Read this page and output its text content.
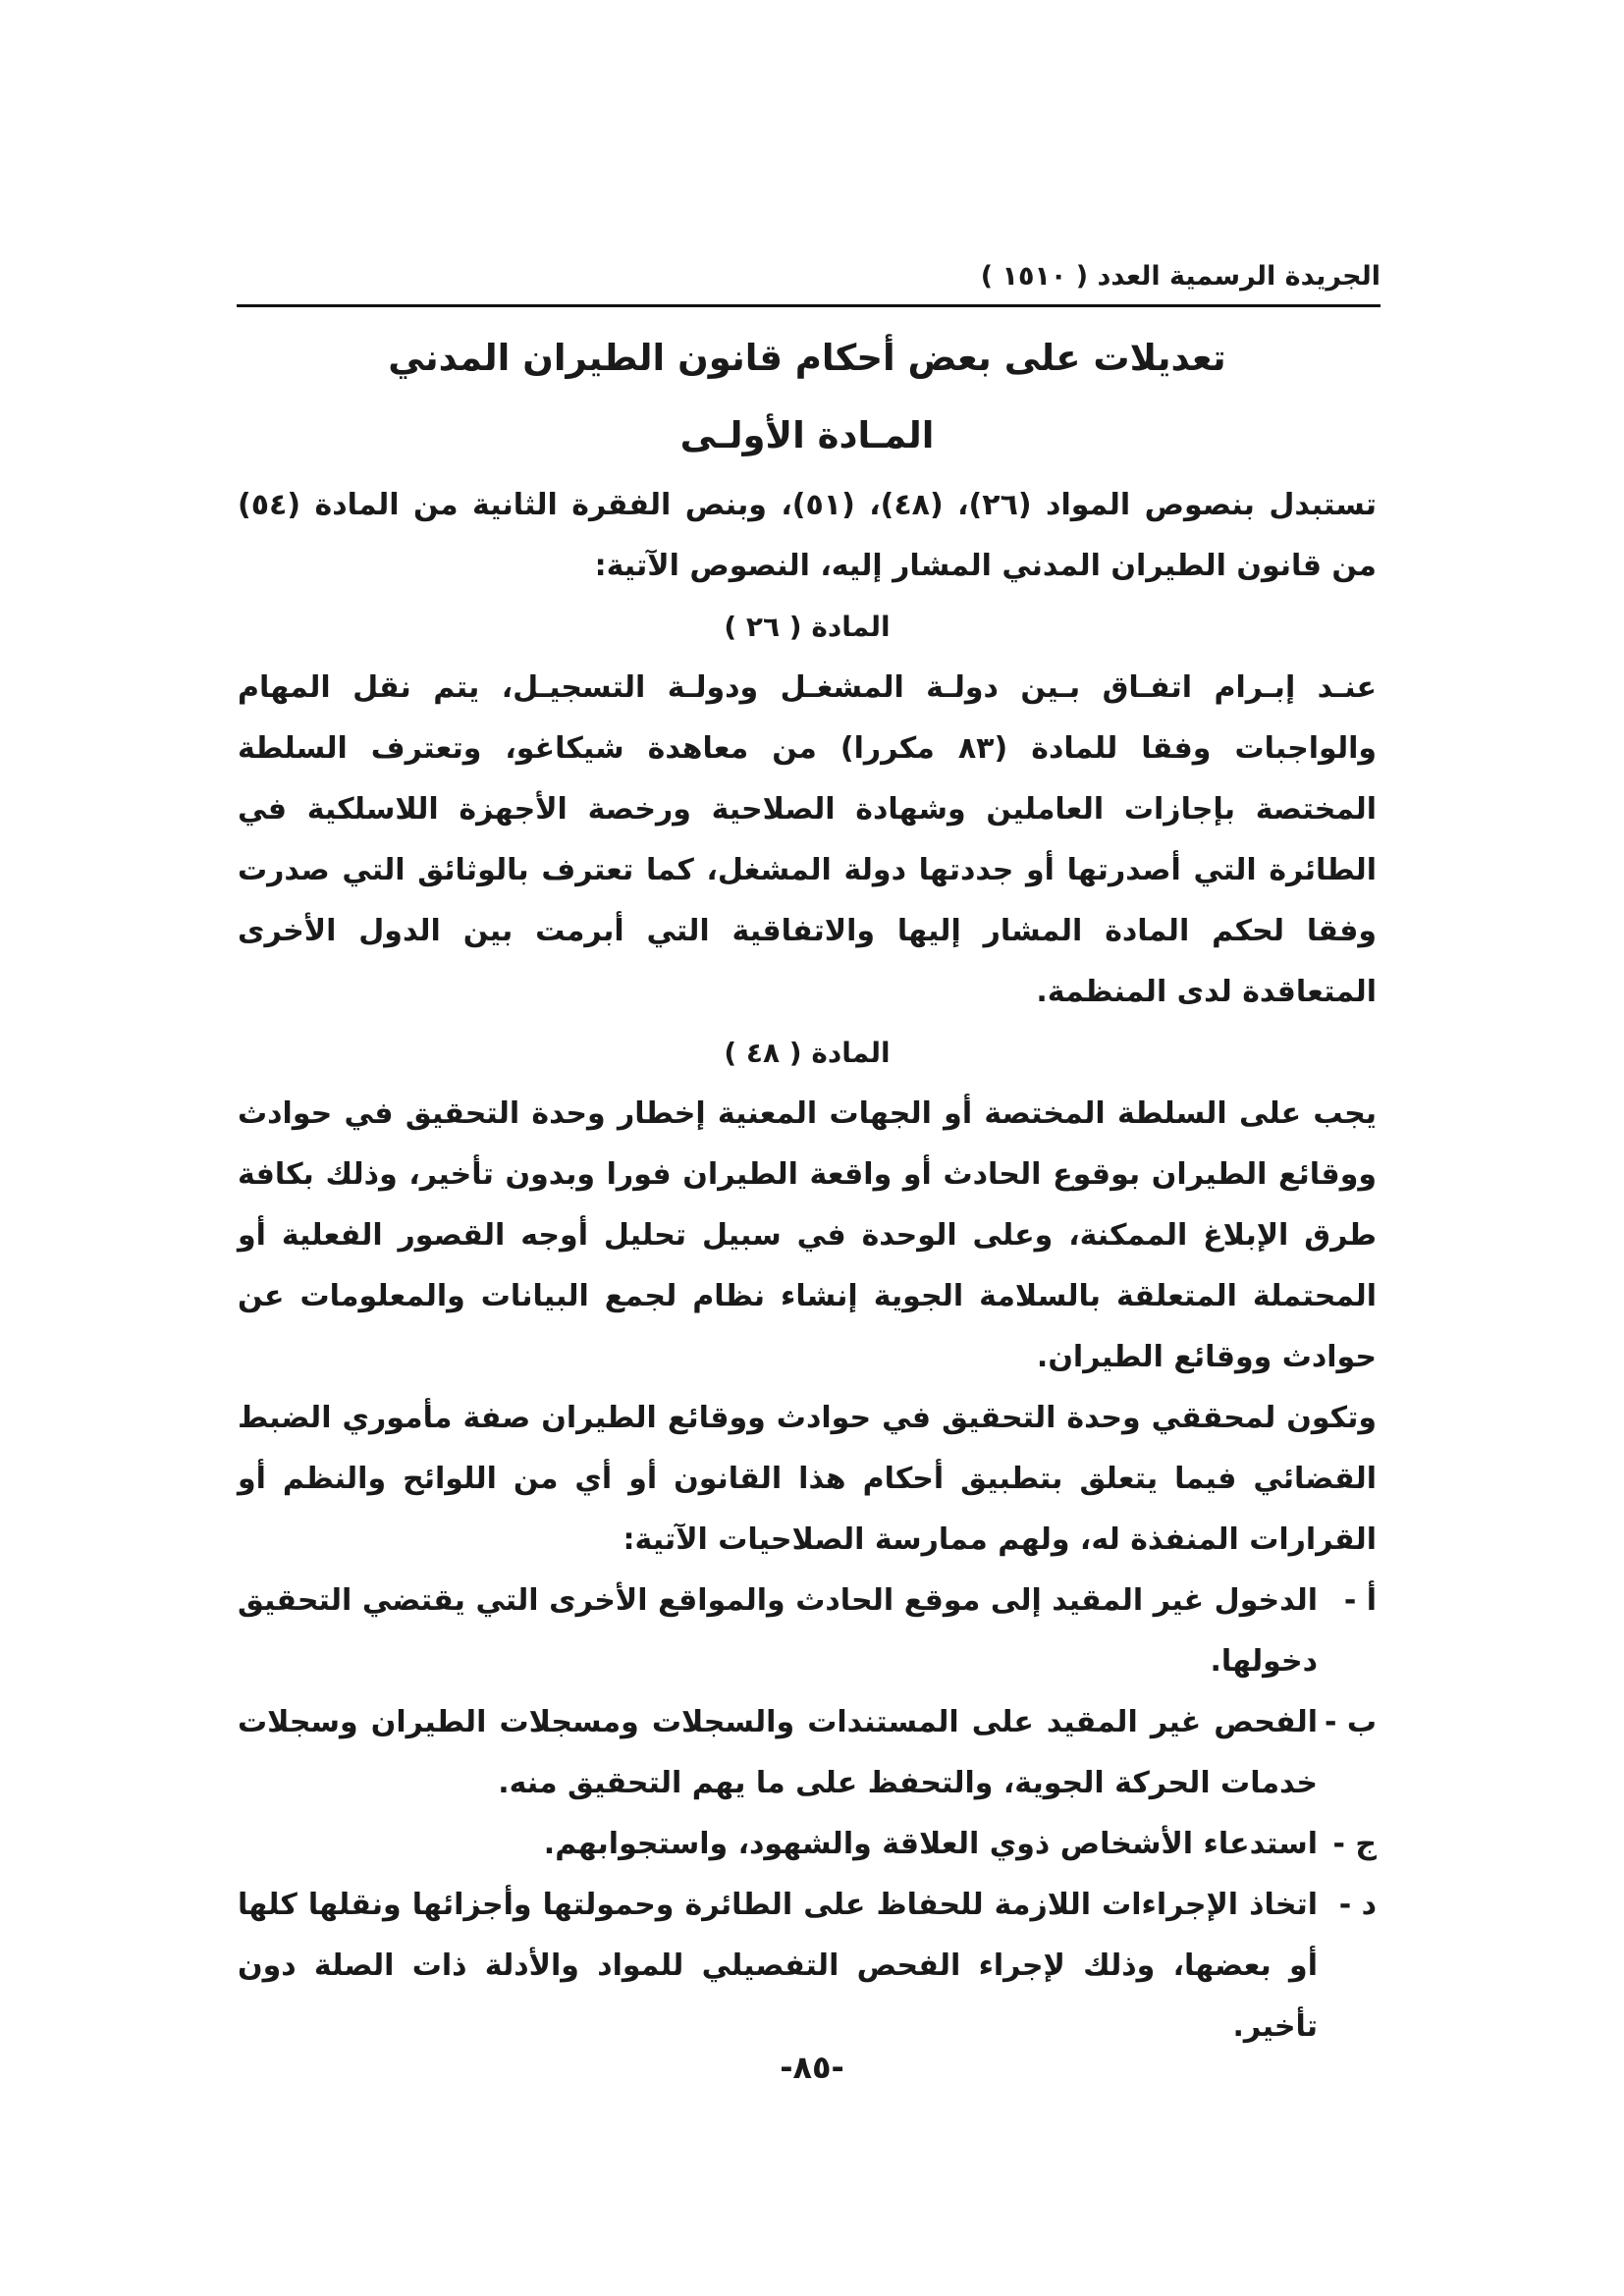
الجريدة الرسمية العدد ( ١٥١٠ )
تعديلات على بعض أحكام قانون الطيران المدني
المـادة الأولـى

تستبدل بنصوص المواد (٢٦)، (٤٨)، (٥١)، وبنص الفقرة الثانية من المادة (٥٤) من قانون الطيران المدني المشار إليه، النصوص الآتية:

المادة ( ٢٦ )

عنـد إبـرام اتفـاق بـين دولـة المشغـل ودولـة التسجيـل، يتم نقل المهام والواجبات وفقا للمادة (٨٣ مكررا) من معاهدة شيكاغو، وتعترف السلطة المختصة بإجازات العاملين وشهادة الصلاحية ورخصة الأجهزة اللاسلكية في الطائرة التي أصدرتها أو جددتها دولة المشغل، كما تعترف بالوثائق التي صدرت وفقا لحكم المادة المشار إليها والاتفاقية التي أبرمت بين الدول الأخرى المتعاقدة لدى المنظمة.

المادة ( ٤٨ )

يجب على السلطة المختصة أو الجهات المعنية إخطار وحدة التحقيق في حوادث ووقائع الطيران بوقوع الحادث أو واقعة الطيران فورا وبدون تأخير، وذلك بكافة طرق الإبلاغ الممكنة، وعلى الوحدة في سبيل تحليل أوجه القصور الفعلية أو المحتملة المتعلقة بالسلامة الجوية إنشاء نظام لجمع البيانات والمعلومات عن حوادث ووقائع الطيران.

وتكون لمحققي وحدة التحقيق في حوادث ووقائع الطيران صفة مأموري الضبط القضائي فيما يتعلق بتطبيق أحكام هذا القانون أو أي من اللوائح والنظم أو القرارات المنفذة له، ولهم ممارسة الصلاحيات الآتية:

أ -
الدخول غير المقيد إلى موقع الحادث والمواقع الأخرى التي يقتضي التحقيق دخولها.
ب -
الفحص غير المقيد على المستندات والسجلات ومسجلات الطيران وسجلات خدمات الحركة الجوية، والتحفظ على ما يهم التحقيق منه.
ج -
استدعاء الأشخاص ذوي العلاقة والشهود، واستجوابهم.
د -
اتخاذ الإجراءات اللازمة للحفاظ على الطائرة وحمولتها وأجزائها ونقلها كلها أو بعضها، وذلك لإجراء الفحص التفصيلي للمواد والأدلة ذات الصلة دون تأخير.
-٨٥-
